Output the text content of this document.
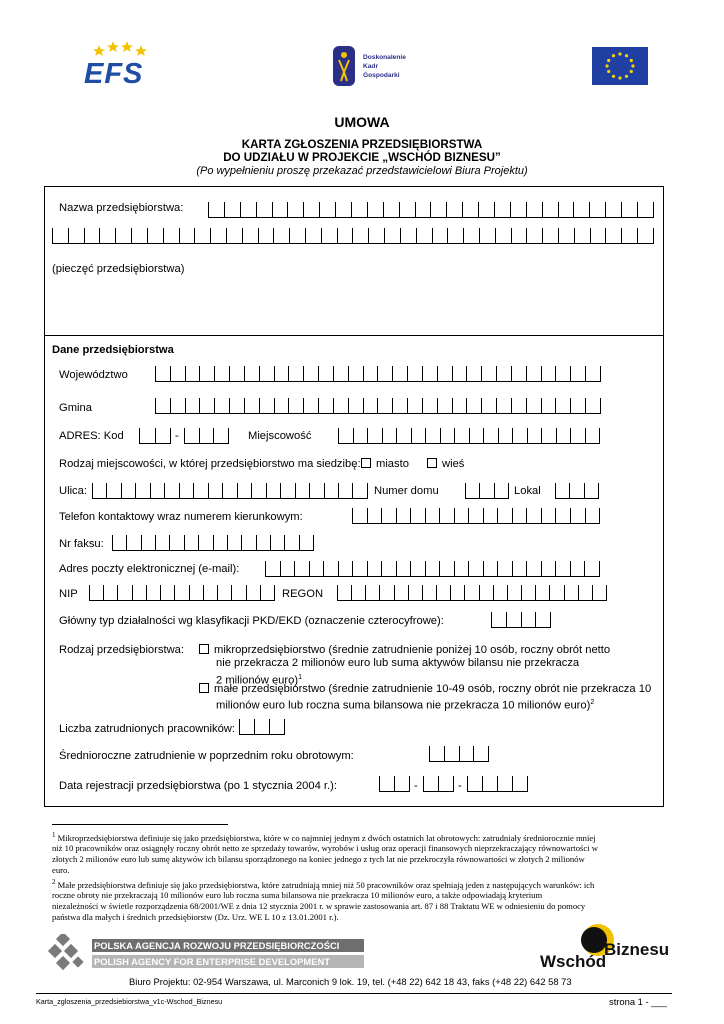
EFS
Doskonalenie
Kadr
Gospodarki
UMOWA
KARTA ZGŁOSZENIA PRZEDSIĘBIORSTWA
DO UDZIAŁU W PROJEKCIE „WSCHÓD BIZNESU”
(Po wypełnieniu proszę przekazać przedstawicielowi Biura Projektu)
Nazwa przedsiębiorstwa:
(pieczęć przedsiębiorstwa)
Dane przedsiębiorstwa
Województwo
Gmina
ADRES: Kod	-	Miejscowość
Rodzaj miejscowości, w której przedsiębiorstwo ma siedzibę:	miasto	wieś
Ulica:	Numer domu	Lokal
Telefon kontaktowy wraz numerem kierunkowym:
Nr faksu:
Adres poczty elektronicznej (e-mail):
NIP	REGON
Główny typ działalności wg klasyfikacji PKD/EKD (oznaczenie czterocyfrowe):
Rodzaj przedsiębiorstwa:	mikroprzedsiębiorstwo (średnie zatrudnienie poniżej 10 osób, roczny obrót netto
nie przekracza 2 milionów euro lub suma aktywów bilansu nie przekracza
2 milionów euro)$^1$
małe przedsiębiorstwo (średnie zatrudnienie 10-49 osób, roczny obrót nie przekracza 10
milionów euro lub roczna suma bilansowa nie przekracza 10 milionów euro)$^2$
Liczba zatrudnionych pracowników:
Średnioroczne zatrudnienie w poprzednim roku obrotowym:
Data rejestracji przedsiębiorstwa (po 1 stycznia 2004 r.):	-	-
$^1$ Mikroprzedsiębiorstwa definiuje się jako przedsiębiorstwa, które w co najmniej jednym z dwóch ostatnich lat obrotowych: zatrudniały średniorocznie mniej
niż 10 pracowników oraz osiągnęły roczny obrót netto ze sprzedaży towarów, wyrobów i usług oraz operacji finansowych nieprzekraczający równowartości w
złotych 2 milionów euro lub sumę aktywów ich bilansu sporządzonego na koniec jednego z tych lat nie przekroczyła równowartości w złotych 2 milionów
euro.
$^2$ Małe przedsiębiorstwa definiuje się jako przedsiębiorstwa, które zatrudniają mniej niż 50 pracowników oraz spełniają jeden z następujących warunków: ich
roczne obroty nie przekraczają 10 milionów euro lub roczna suma bilansowa nie przekracza 10 milionów euro, a także odpowiadają kryterium
niezależności w świetle rozporządzenia 68/2001/WE z dnia 12 stycznia 2001 r. w sprawie zastosowania art. 87 i 88 Traktatu WE w odniesieniu do pomocy
państwa dla małych i średnich przedsiębiorstw (Dz. Urz. WE L 10 z 13.01.2001 r.).
POLSKA AGENCJA ROZWOJU PRZEDSIĘBIORCZOŚCI
POLISH AGENCY FOR ENTERPRISE DEVELOPMENT	Wschód
Biznesu
Biuro Projektu: 02-954 Warszawa, ul. Marconich 9 lok. 19, tel. (+48 22) 642 18 43, faks (+48 22) 642 58 73
Karta_zgloszenia_przedsiebiorstwa_v1c-Wschod_Biznesu	strona 1 - ___
